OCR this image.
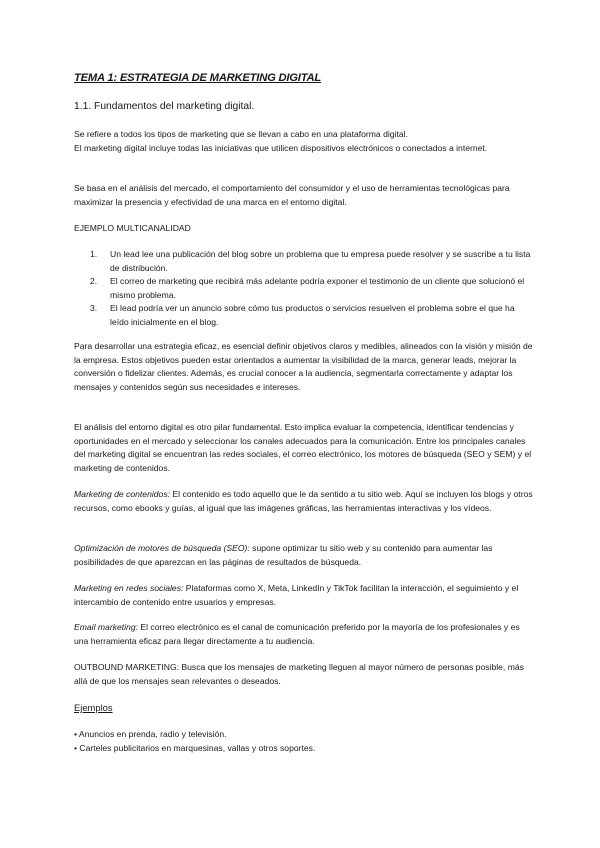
TEMA 1: ESTRATEGIA DE MARKETING DIGITAL
1.1. Fundamentos del marketing digital.

Se refiere a todos los tipos de marketing que se llevan a cabo en una plataforma digital.
El marketing digital incluye todas las iniciativas que utilicen dispositivos electrónicos o conectados a internet.

Se basa en el análisis del mercado, el comportamiento del consumidor y el uso de herramientas tecnológicas para maximizar la presencia y efectividad de una marca en el entorno digital.

EJEMPLO MULTICANALIDAD
1. Un lead lee una publicación del blog sobre un problema que tu empresa puede resolver y se suscribe a tu lista de distribución.
2. El correo de marketing que recibirá más adelante podría exponer el testimonio de un cliente que solucionó el mismo problema.
3. El lead podría ver un anuncio sobre cómo tus productos o servicios resuelven el problema sobre el que ha leído inicialmente en el blog.

Para desarrollar una estrategia eficaz, es esencial definir objetivos claros y medibles, alineados con la visión y misión de la empresa. Estos objetivos pueden estar orientados a aumentar la visibilidad de la marca, generar leads, mejorar la conversión o fidelizar clientes. Además, es crucial conocer a la audiencia, segmentarla correctamente y adaptar los mensajes y contenidos según sus necesidades e intereses.

El análisis del entorno digital es otro pilar fundamental. Esto implica evaluar la competencia, identificar tendencias y oportunidades en el mercado y seleccionar los canales adecuados para la comunicación. Entre los principales canales del marketing digital se encuentran las redes sociales, el correo electrónico, los motores de búsqueda (SEO y SEM) y el marketing de contenidos.

Marketing de contenidos: El contenido es todo aquello que le da sentido a tu sitio web. Aquí se incluyen los blogs y otros recursos, como ebooks y guías, al igual que las imágenes gráficas, las herramientas interactivas y los vídeos.

Optimización de motores de búsqueda (SEO): supone optimizar tu sitio web y su contenido para aumentar las posibilidades de que aparezcan en las páginas de resultados de búsqueda.

Marketing en redes sociales: Plataformas como X, Meta, LinkedIn y TikTok facilitan la interacción, el seguimiento y el intercambio de contenido entre usuarios y empresas.

Email marketing: El correo electrónico es el canal de comunicación preferido por la mayoría de los profesionales y es una herramienta eficaz para llegar directamente a tu audiencia.

OUTBOUND MARKETING: Busca que los mensajes de marketing lleguen al mayor número de personas posible, más allá de que los mensajes sean relevantes o deseados.

Ejemplos
• Anuncios en prenda, radio y televisión.
• Carteles publicitarios en marquesinas, vallas y otros soportes.
